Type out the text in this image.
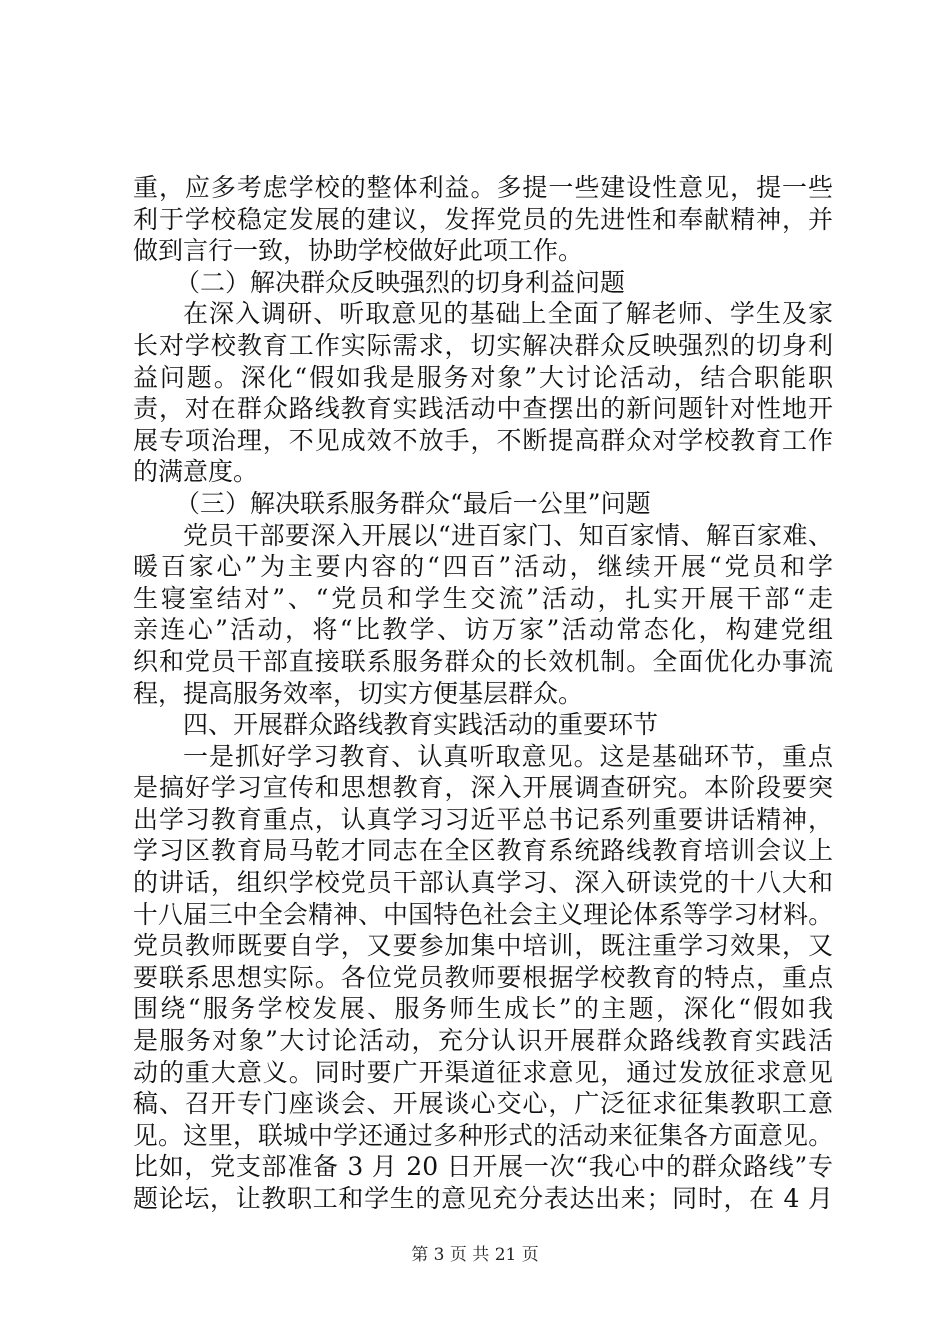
重，应多考虑学校的整体利益。多提一些建设性意见，提一些
利于学校稳定发展的建议，发挥党员的先进性和奉献精神，并
做到言行一致，协助学校做好此项工作。
（二）解决群众反映强烈的切身利益问题
在深入调研、听取意见的基础上全面了解老师、学生及家
长对学校教育工作实际需求，切实解决群众反映强烈的切身利
益问题。深化“假如我是服务对象”大讨论活动，结合职能职
责，对在群众路线教育实践活动中查摆出的新问题针对性地开
展专项治理，不见成效不放手，不断提高群众对学校教育工作
的满意度。
（三）解决联系服务群众“最后一公里”问题
党员干部要深入开展以“进百家门、知百家情、解百家难、
暖百家心”为主要内容的“四百”活动，继续开展“党员和学
生寝室结对”、“党员和学生交流”活动，扎实开展干部“走
亲连心”活动，将“比教学、访万家”活动常态化，构建党组
织和党员干部直接联系服务群众的长效机制。全面优化办事流
程，提高服务效率，切实方便基层群众。
四、开展群众路线教育实践活动的重要环节
一是抓好学习教育、认真听取意见。这是基础环节，重点
是搞好学习宣传和思想教育，深入开展调查研究。本阶段要突
出学习教育重点，认真学习习近平总书记系列重要讲话精神，
学习区教育局马乾才同志在全区教育系统路线教育培训会议上
的讲话，组织学校党员干部认真学习、深入研读党的十八大和
十八届三中全会精神、中国特色社会主义理论体系等学习材料。
党员教师既要自学，又要参加集中培训，既注重学习效果，又
要联系思想实际。各位党员教师要根据学校教育的特点，重点
围绕“服务学校发展、服务师生成长”的主题，深化“假如我
是服务对象”大讨论活动，充分认识开展群众路线教育实践活
动的重大意义。同时要广开渠道征求意见，通过发放征求意见
稿、召开专门座谈会、开展谈心交心，广泛征求征集教职工意
见。这里，联城中学还通过多种形式的活动来征集各方面意见。
比如，党支部准备 3 月 20 日开展一次“我心中的群众路线”专
题论坛，让教职工和学生的意见充分表达出来；同时，在 4 月
第 3 页 共 21 页
